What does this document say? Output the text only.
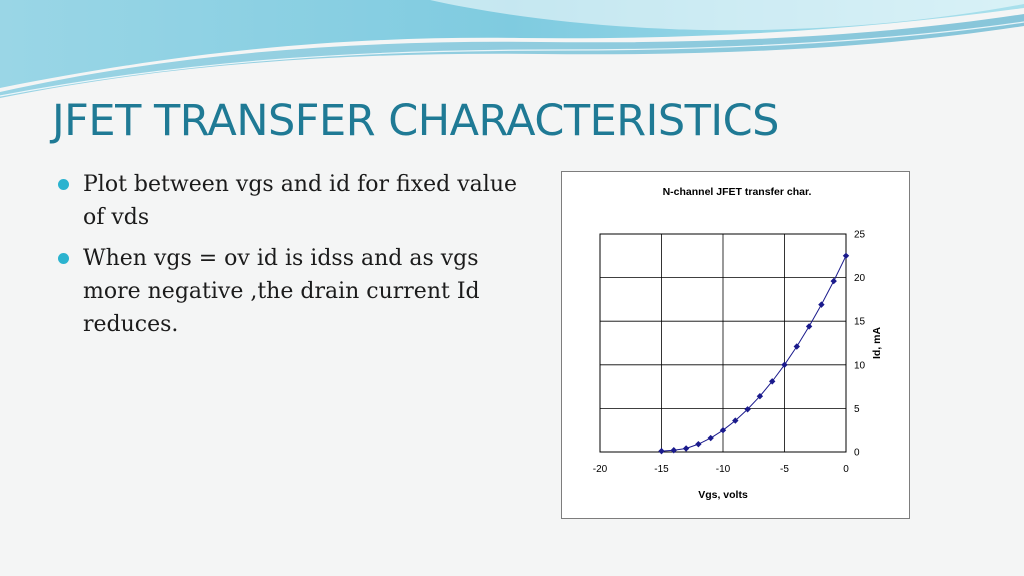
JFET TRANSFER CHARACTERISTICS
Plot between vgs and id for fixed value of vds
When vgs = ov id is idss and as vgs more negative ,the drain current Id reduces.
N-channel JFET transfer char.
-20	-15	-10	-5	0
0
5
10
15
20
25
Vgs, volts
Id, mA
